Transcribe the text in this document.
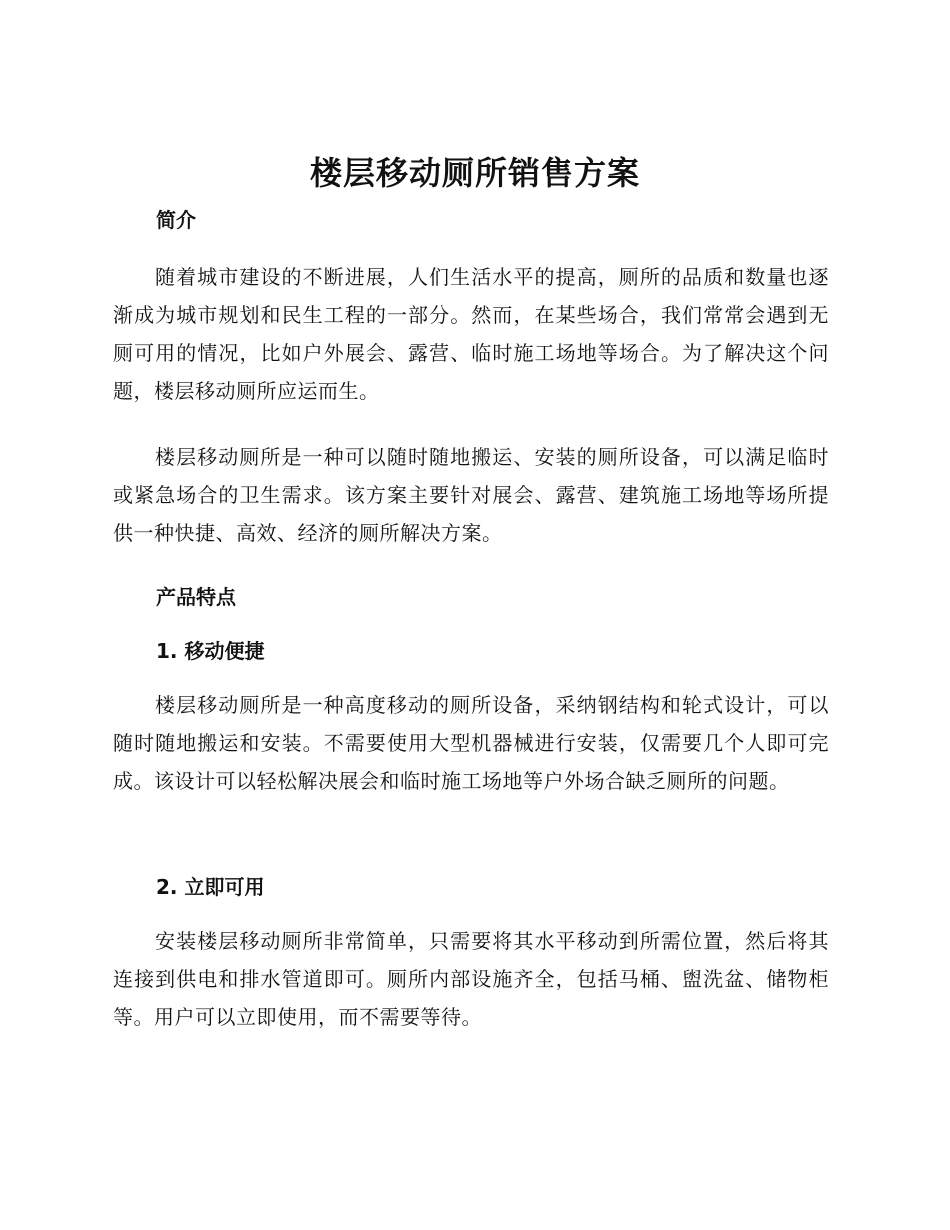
楼层移动厕所销售方案
简介

随着城市建设的不断进展，人们生活水平的提高，厕所的品质和数量也逐渐成为城市规划和民生工程的一部分。然而，在某些场合，我们常常会遇到无厕可用的情况，比如户外展会、露营、临时施工场地等场合。为了解决这个问题，楼层移动厕所应运而生。

楼层移动厕所是一种可以随时随地搬运、安装的厕所设备，可以满足临时或紧急场合的卫生需求。该方案主要针对展会、露营、建筑施工场地等场所提供一种快捷、高效、经济的厕所解决方案。

产品特点
1. 移动便捷

楼层移动厕所是一种高度移动的厕所设备，采纳钢结构和轮式设计，可以随时随地搬运和安装。不需要使用大型机器械进行安装，仅需要几个人即可完成。该设计可以轻松解决展会和临时施工场地等户外场合缺乏厕所的问题。

2. 立即可用

安装楼层移动厕所非常简单，只需要将其水平移动到所需位置，然后将其连接到供电和排水管道即可。厕所内部设施齐全，包括马桶、盥洗盆、储物柜等。用户可以立即使用，而不需要等待。
